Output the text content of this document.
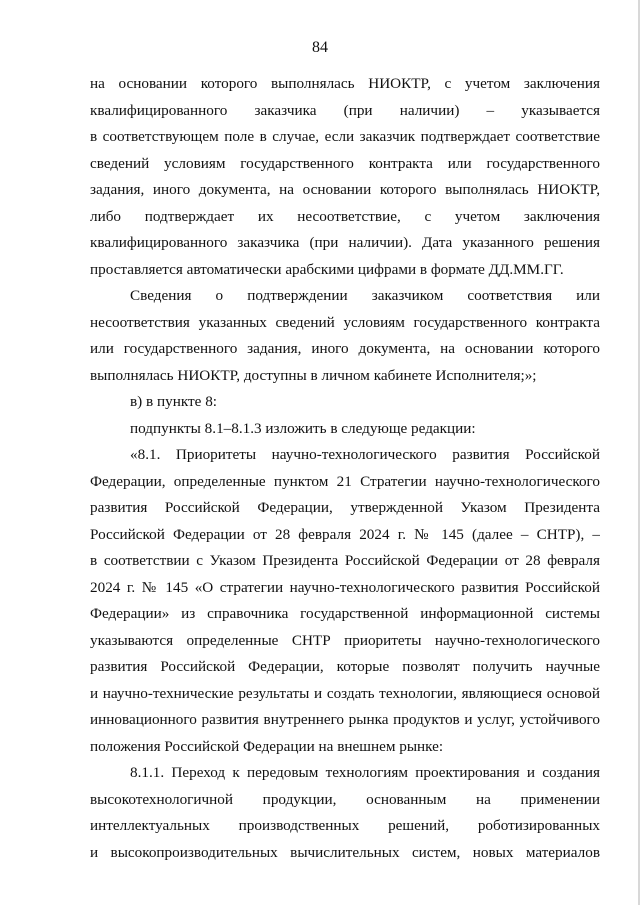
84
на основании которого выполнялась НИОКТР, с учетом заключения
квалифицированного заказчика (при наличии) – указывается
в соответствующем поле в случае, если заказчик подтверждает соответствие
сведений условиям государственного контракта или государственного
задания, иного документа, на основании которого выполнялась НИОКТР,
либо подтверждает их несоответствие, с учетом заключения
квалифицированного заказчика (при наличии). Дата указанного решения
проставляется автоматически арабскими цифрами в формате ДД.ММ.ГГ.
Сведения о подтверждении заказчиком соответствия или
несоответствия указанных сведений условиям государственного контракта
или государственного задания, иного документа, на основании которого
выполнялась НИОКТР, доступны в личном кабинете Исполнителя;»;
в) в пункте 8:
подпункты 8.1–8.1.3 изложить в следующе редакции:
«8.1. Приоритеты научно-технологического развития Российской
Федерации, определенные пунктом 21 Стратегии научно-технологического
развития Российской Федерации, утвержденной Указом Президента
Российской Федерации от 28 февраля 2024 г. № 145 (далее – СНТР), –
в соответствии с Указом Президента Российской Федерации от 28 февраля
2024 г. № 145 «О стратегии научно-технологического развития Российской
Федерации» из справочника государственной информационной системы
указываются определенные СНТР приоритеты научно-технологического
развития Российской Федерации, которые позволят получить научные
и научно-технические результаты и создать технологии, являющиеся основой
инновационного развития внутреннего рынка продуктов и услуг, устойчивого
положения Российской Федерации на внешнем рынке:
8.1.1. Переход к передовым технологиям проектирования и создания
высокотехнологичной продукции, основанным на применении
интеллектуальных производственных решений, роботизированных
и высокопроизводительных вычислительных систем, новых материалов
